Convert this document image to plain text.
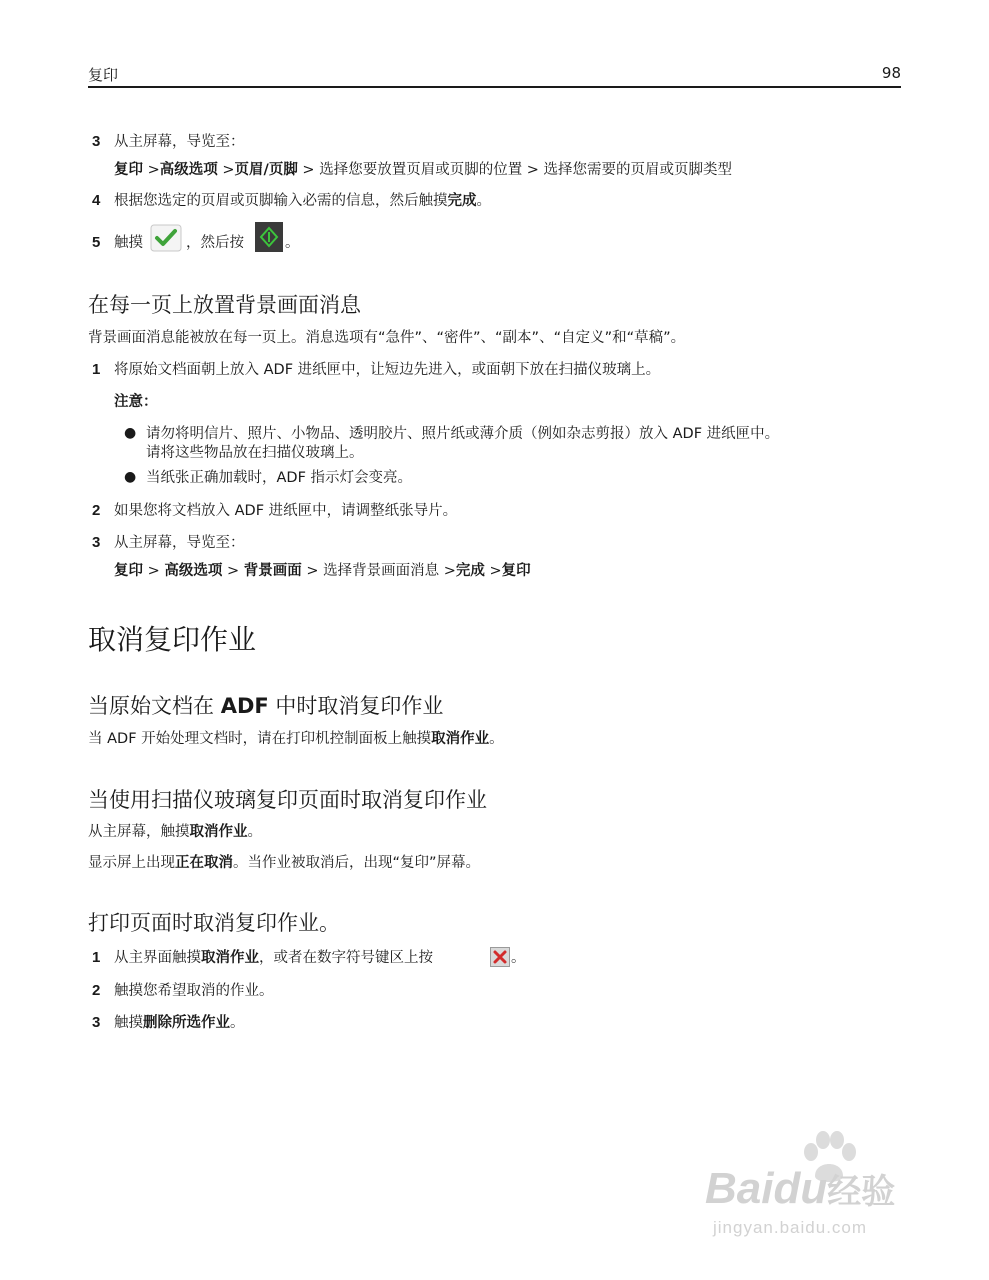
复印	98
3 从主屏幕，导览至：
复印 >高级选项 >页眉/页脚 > 选择您要放置页眉或页脚的位置 > 选择您需要的页眉或页脚类型
4 根据您选定的页眉或页脚输入必需的信息，然后触摸完成。
5 触摸	，然后按	。
在每一页上放置背景画面消息
背景画面消息能被放在每一页上。消息选项有“急件”、“密件”、“副本”、“自定义”和“草稿”。
1 将原始文档面朝上放入 ADF 进纸匣中，让短边先进入，或面朝下放在扫描仪玻璃上。
注意：
● 请勿将明信片、照片、小物品、透明胶片、照片纸或薄介质（例如杂志剪报）放入 ADF 进纸匣中。
请将这些物品放在扫描仪玻璃上。
● 当纸张正确加载时，ADF 指示灯会变亮。
2 如果您将文档放入 ADF 进纸匣中，请调整纸张导片。
3 从主屏幕，导览至：
复印 > 高级选项 > 背景画面 > 选择背景画面消息 >完成 >复印
取消复印作业
当原始文档在 ADF 中时取消复印作业
当 ADF 开始处理文档时，请在打印机控制面板上触摸取消作业。
当使用扫描仪玻璃复印页面时取消复印作业
从主屏幕，触摸取消作业。
显示屏上出现正在取消。当作业被取消后，出现“复印”屏幕。
打印页面时取消复印作业。
1 从主界面触摸取消作业，或者在数字符号键区上按	。
2 触摸您希望取消的作业。
3 触摸删除所选作业。
Baidu经验
jingyan.baidu.com
